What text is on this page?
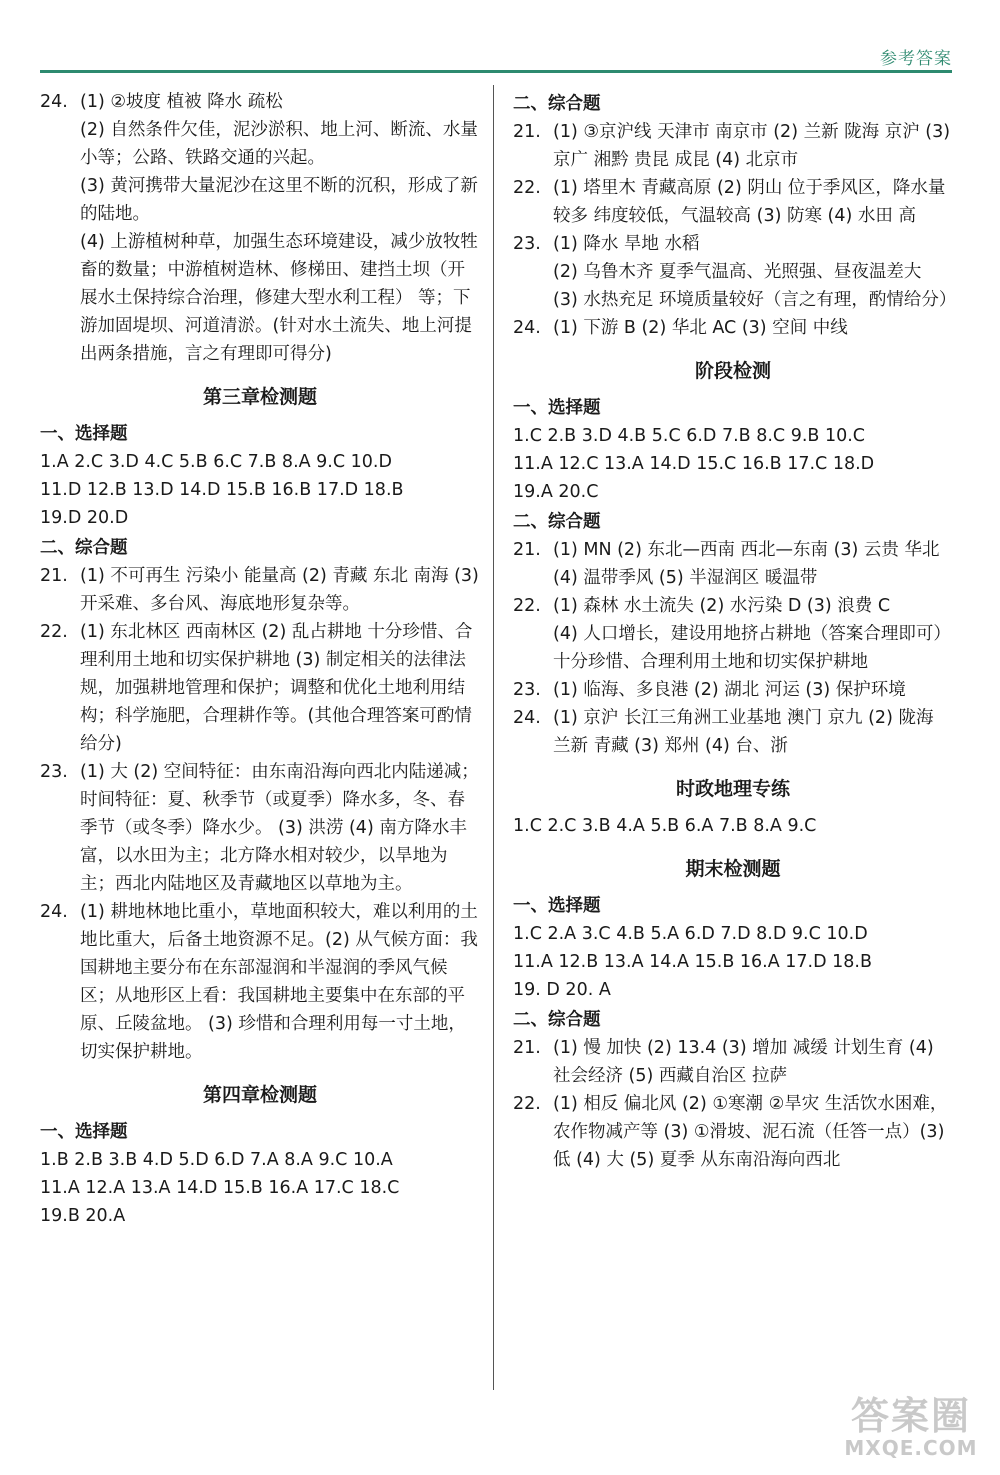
参考答案
24. (1) ②坡度 植被 降水 疏松

(2) 自然条件欠佳，泥沙淤积、地上河、断流、水量小等；公路、铁路交通的兴起。

(3) 黄河携带大量泥沙在这里不断的沉积，形成了新的陆地。

(4) 上游植树种草，加强生态环境建设，减少放牧牲畜的数量；中游植树造林、修梯田、建挡土坝（开展水土保持综合治理，修建大型水利工程） 等；下游加固堤坝、河道清淤。(针对水土流失、地上河提出两条措施，言之有理即可得分)

第三章检测题
一、选择题

1.A 2.C 3.D 4.C 5.B 6.C 7.B 8.A 9.C 10.D

11.D 12.B 13.D 14.D 15.B 16.B 17.D 18.B

19.D 20.D

二、综合题
21. (1) 不可再生 污染小 能量高 (2) 青藏 东北 南海 (3) 开采难、多台风、海底地形复杂等。
22. (1) 东北林区 西南林区 (2) 乱占耕地 十分珍惜、合理利用土地和切实保护耕地 (3) 制定相关的法律法规，加强耕地管理和保护；调整和优化土地利用结构；科学施肥，合理耕作等。(其他合理答案可酌情给分)
23. (1) 大 (2) 空间特征：由东南沿海向西北内陆递减；时间特征：夏、秋季节（或夏季）降水多，冬、春季节（或冬季）降水少。 (3) 洪涝 (4) 南方降水丰富，以水田为主；北方降水相对较少，以旱地为主；西北内陆地区及青藏地区以草地为主。
24. (1) 耕地林地比重小，草地面积较大，难以利用的土地比重大，后备土地资源不足。(2) 从气候方面：我国耕地主要分布在东部湿润和半湿润的季风气候区；从地形区上看：我国耕地主要集中在东部的平原、丘陵盆地。 (3) 珍惜和合理利用每一寸土地，切实保护耕地。
第四章检测题
一、选择题

1.B 2.B 3.B 4.D 5.D 6.D 7.A 8.A 9.C 10.A

11.A 12.A 13.A 14.D 15.B 16.A 17.C 18.C

19.B 20.A

二、综合题
21. (1) ③京沪线 天津市 南京市 (2) 兰新 陇海 京沪 (3) 京广 湘黔 贵昆 成昆 (4) 北京市
22. (1) 塔里木 青藏高原 (2) 阴山 位于季风区，降水量较多 纬度较低，气温较高 (3) 防寒 (4) 水田 高
23. (1) 降水 旱地 水稻

(2) 乌鲁木齐 夏季气温高、光照强、昼夜温差大

(3) 水热充足 环境质量较好（言之有理，酌情给分）

24. (1) 下游 B (2) 华北 AC (3) 空间 中线
阶段检测
一、选择题

1.C 2.B 3.D 4.B 5.C 6.D 7.B 8.C 9.B 10.C

11.A 12.C 13.A 14.D 15.C 16.B 17.C 18.D

19.A 20.C

二、综合题
21. (1) MN (2) 东北—西南 西北—东南 (3) 云贵 华北 (4) 温带季风 (5) 半湿润区 暖温带
22. (1) 森林 水土流失 (2) 水污染 D (3) 浪费 C

(4) 人口增长，建设用地挤占耕地（答案合理即可） 十分珍惜、合理利用土地和切实保护耕地

23. (1) 临海、多良港 (2) 湖北 河运 (3) 保护环境
24. (1) 京沪 长江三角洲工业基地 澳门 京九 (2) 陇海 兰新 青藏 (3) 郑州 (4) 台、浙
时政地理专练

1.C 2.C 3.B 4.A 5.B 6.A 7.B 8.A 9.C

期末检测题
一、选择题

1.C 2.A 3.C 4.B 5.A 6.D 7.D 8.D 9.C 10.D

11.A 12.B 13.A 14.A 15.B 16.A 17.D 18.B

19. D 20. A

二、综合题
21. (1) 慢 加快 (2) 13.4 (3) 增加 减缓 计划生育 (4) 社会经济 (5) 西藏自治区 拉萨
22. (1) 相反 偏北风 (2) ①寒潮 ②旱灾 生活饮水困难，农作物减产等 (3) ①滑坡、泥石流（任答一点）(3) 低 (4) 大 (5) 夏季 从东南沿海向西北
答案圈
MXQE.COM
